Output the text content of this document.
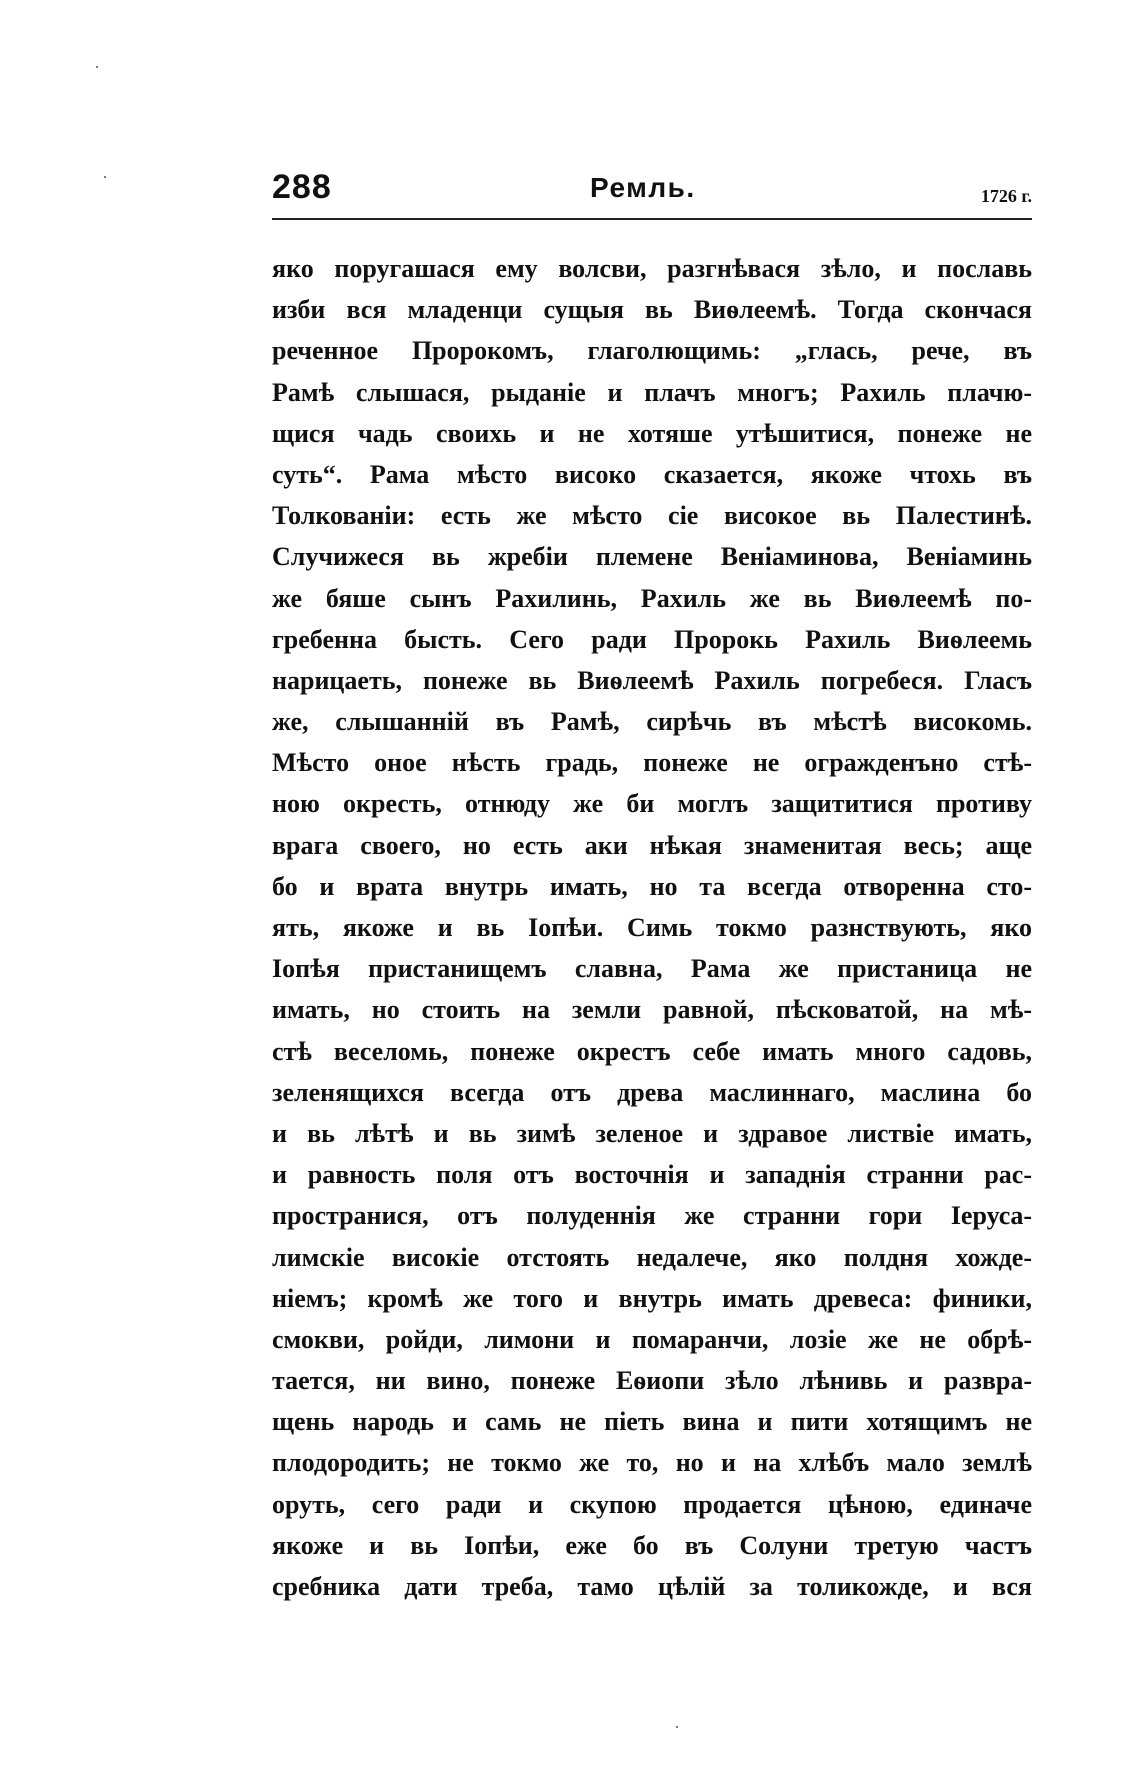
288	Ремль.	1726 г.
яко поругашася ему волсви, разгнѣвася зѣло, и пославь
изби вся младенци сущыя вь Виѳлеемѣ. Тогда скончася
реченное Пророкомъ, глаголющимь: „глась, рече, въ
Рамѣ слышася, рыданіе и плачъ многъ; Рахиль плачю-
щися чадь своихь и не хотяше утѣшитися, понеже не
суть“. Рама мѣсто високо сказается, якоже чтохь въ
Толкованіи: есть же мѣсто сіе високое вь Палестинѣ.
Случижеся вь жребіи племене Веніаминова, Веніаминь
же бяше сынъ Рахилинь, Рахиль же вь Виѳлеемѣ по-
гребенна бысть. Сего ради Пророкь Рахиль Виѳлеемь
нарицаеть, понеже вь Виѳлеемѣ Рахиль погребеся. Гласъ
же, слышаннiй въ Рамѣ, сирѣчь въ мѣстѣ високомь.
Мѣсто оное нѣсть градь, понеже не огражденъно стѣ-
ною окресть, отнюду же би моглъ защититися противу
врага своего, но есть аки нѣкая знаменитая весь; аще
бо и врата внутрь имать, но та всегда отворенна сто-
ять, якоже и вь Іопѣи. Симь токмо разнствують, яко
Іопѣя пристанищемъ славна, Рама же пристаница не
имать, но стоить на земли равной, пѣсковатой, на мѣ-
стѣ веселомь, понеже окрестъ себе имать много садовь,
зеленящихся всегда отъ древа маслиннаго, маслина бо
и вь лѣтѣ и вь зимѣ зеленое и здравое листвіе имать,
и равность поля отъ восточнія и западнія странни рас-
пространися, отъ полуденнія же странни гори Іерусa-
лимскіе високіе отстоять недалече, яко полдня хожде-
ніемъ; кромѣ же того и внутрь имать древеса: финики,
смокви, ройди, лимони и помаранчи, лозіе же не обрѣ-
тается, ни вино, понеже Еѳиопи зѣло лѣнивь и развра-
щень народь и самь не піеть вина и пити хотящимъ не
плодородить; не токмо же то, но и на хлѣбъ мало землѣ
оруть, сего ради и скупою продается цѣною, единаче
якоже и вь Іопѣи, еже бо въ Солуни третую частъ
сребника дати треба, тамо цѣлій за толикожде, и вся
